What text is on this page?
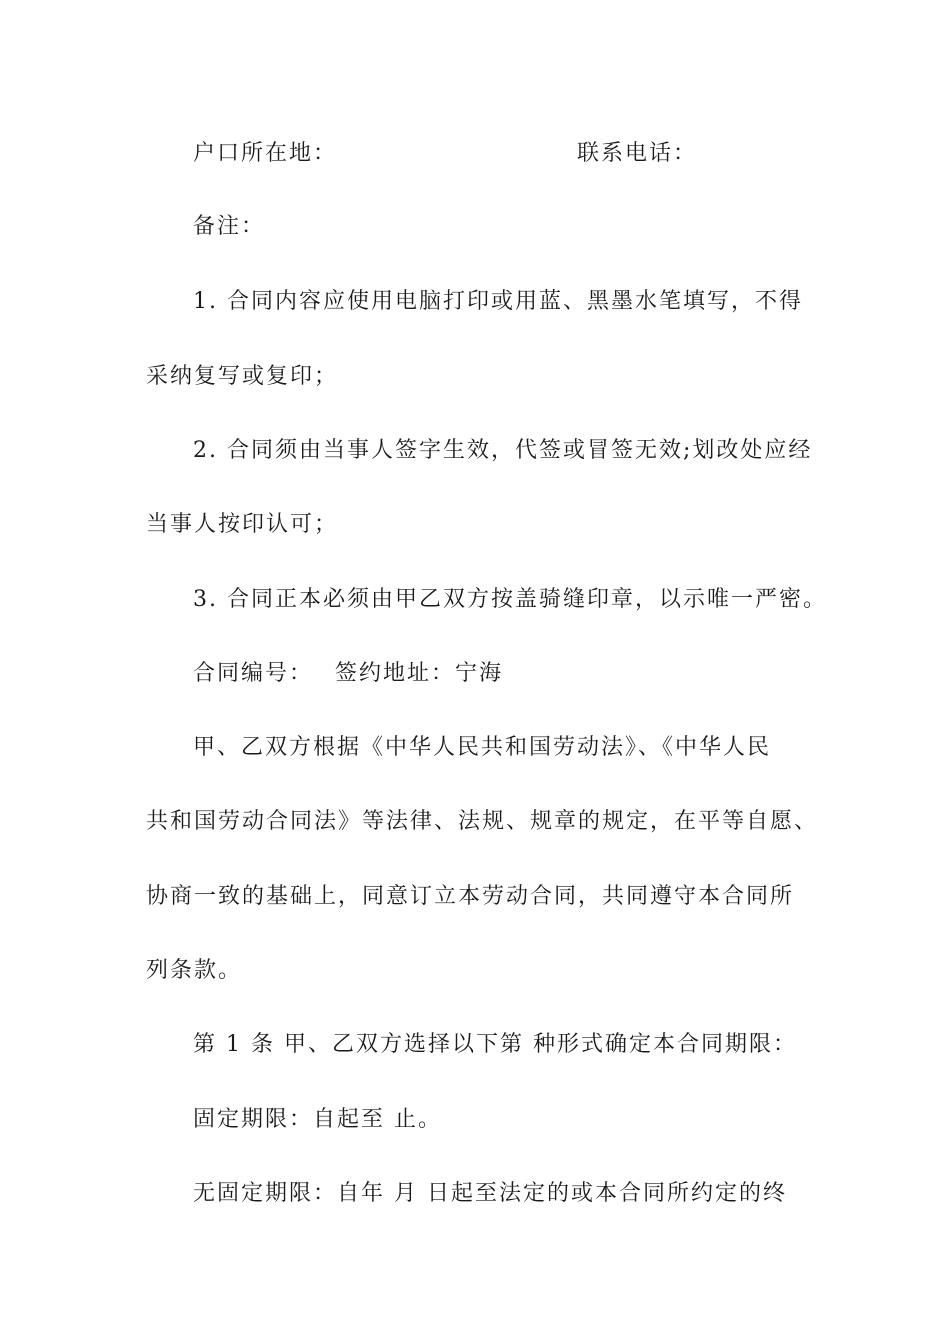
户口所在地：	联系电话：
备注：
1. 合同内容应使用电脑打印或用蓝、黑墨水笔填写，不得
采纳复写或复印；
2. 合同须由当事人签字生效，代签或冒签无效;划改处应经
当事人按印认可；
3. 合同正本必须由甲乙双方按盖骑缝印章，以示唯一严密。
合同编号： 签约地址：宁海
甲、乙双方根据《中华人民共和国劳动法》、《中华人民
共和国劳动合同法》等法律、法规、规章的规定，在平等自愿、
协商一致的基础上，同意订立本劳动合同，共同遵守本合同所
列条款。
第 1 条 甲、乙双方选择以下第 种形式确定本合同期限：
固定期限：自起至 止。
无固定期限：自年 月 日起至法定的或本合同所约定的终
